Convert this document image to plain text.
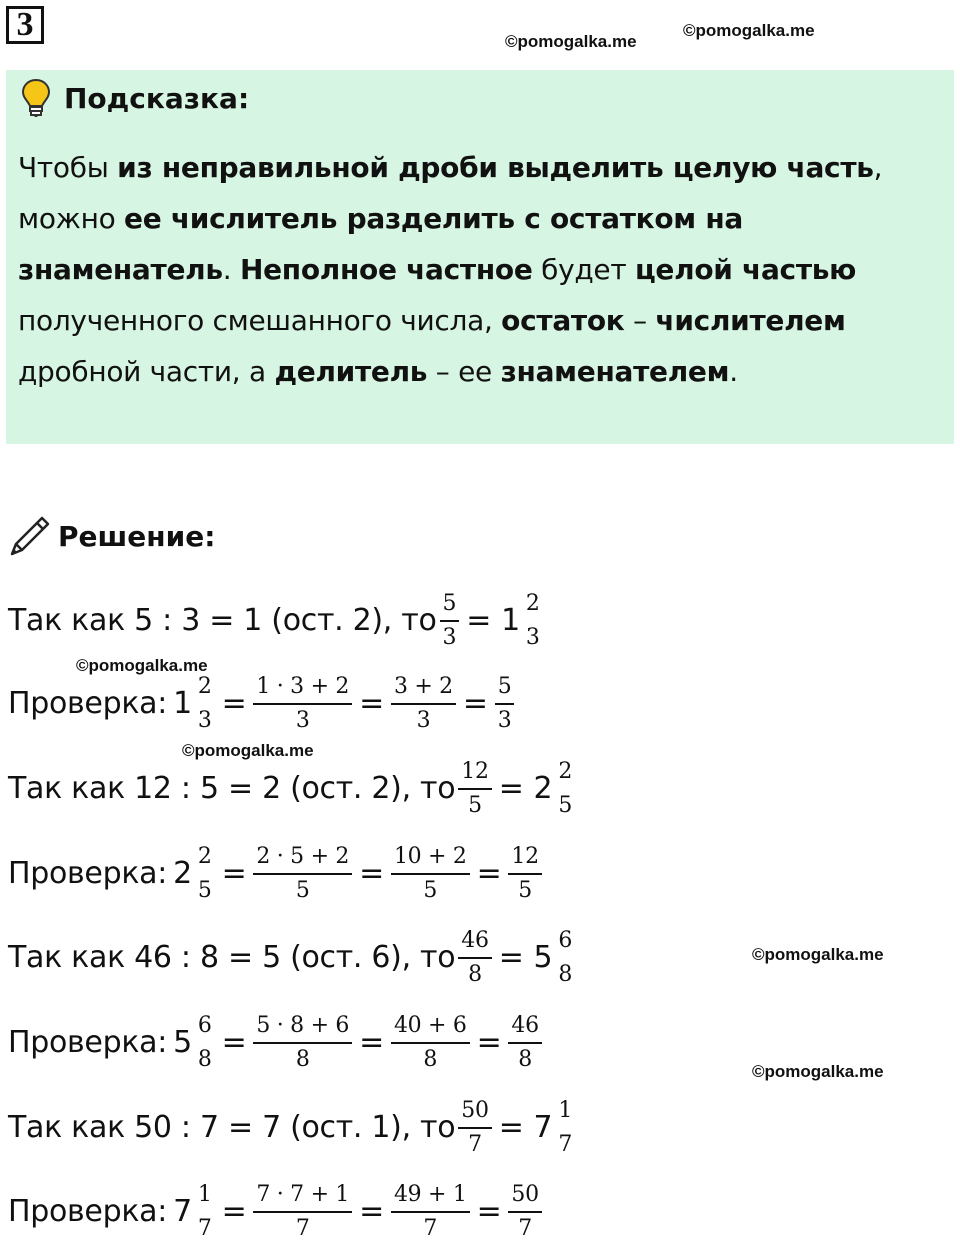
3	©pomogalka.me
©pomogalka.me
Подсказка:
Чтобы из неправильной дроби выделить целую часть,
можно ее числитель разделить с остатком на
знаменатель. Неполное частное будет целой частью
полученного смешанного числа, остаток – числителем
дробной части, а делитель – ее знаменателем.
Решение:
©pomogalka.me
©pomogalka.me
©pomogalka.me
©pomogalka.me
Так как 5 : 3 = 1 (ост. 2), то $\frac{5}{3} = 1$ 2
3
Проверка: 1 2
$3 = \frac{1 \cdot 3 + 2}{3} = \frac{3 + 2}{3} = \frac{5}{3}$
Так как 12 : 5 = 2 (ост. 2), то $\frac{12}{5} = 2$ 2
5
Проверка: 2 2
$5 = \frac{2 \cdot 5 + 2}{5} = \frac{10 + 2}{5} = \frac{12}{5}$
Так как 46 : 8 = 5 (ост. 6), то $\frac{46}{8} = 5$ 6
8
Проверка: 5 6
$8 = \frac{5 \cdot 8 + 6}{8} = \frac{40 + 6}{8} = \frac{46}{8}$
Так как 50 : 7 = 7 (ост. 1), то $\frac{50}{7} = 7$ 1
7
Проверка: 7 1
$7 = \frac{7 \cdot 7 + 1}{7} = \frac{49 + 1}{7} = \frac{50}{7}$
